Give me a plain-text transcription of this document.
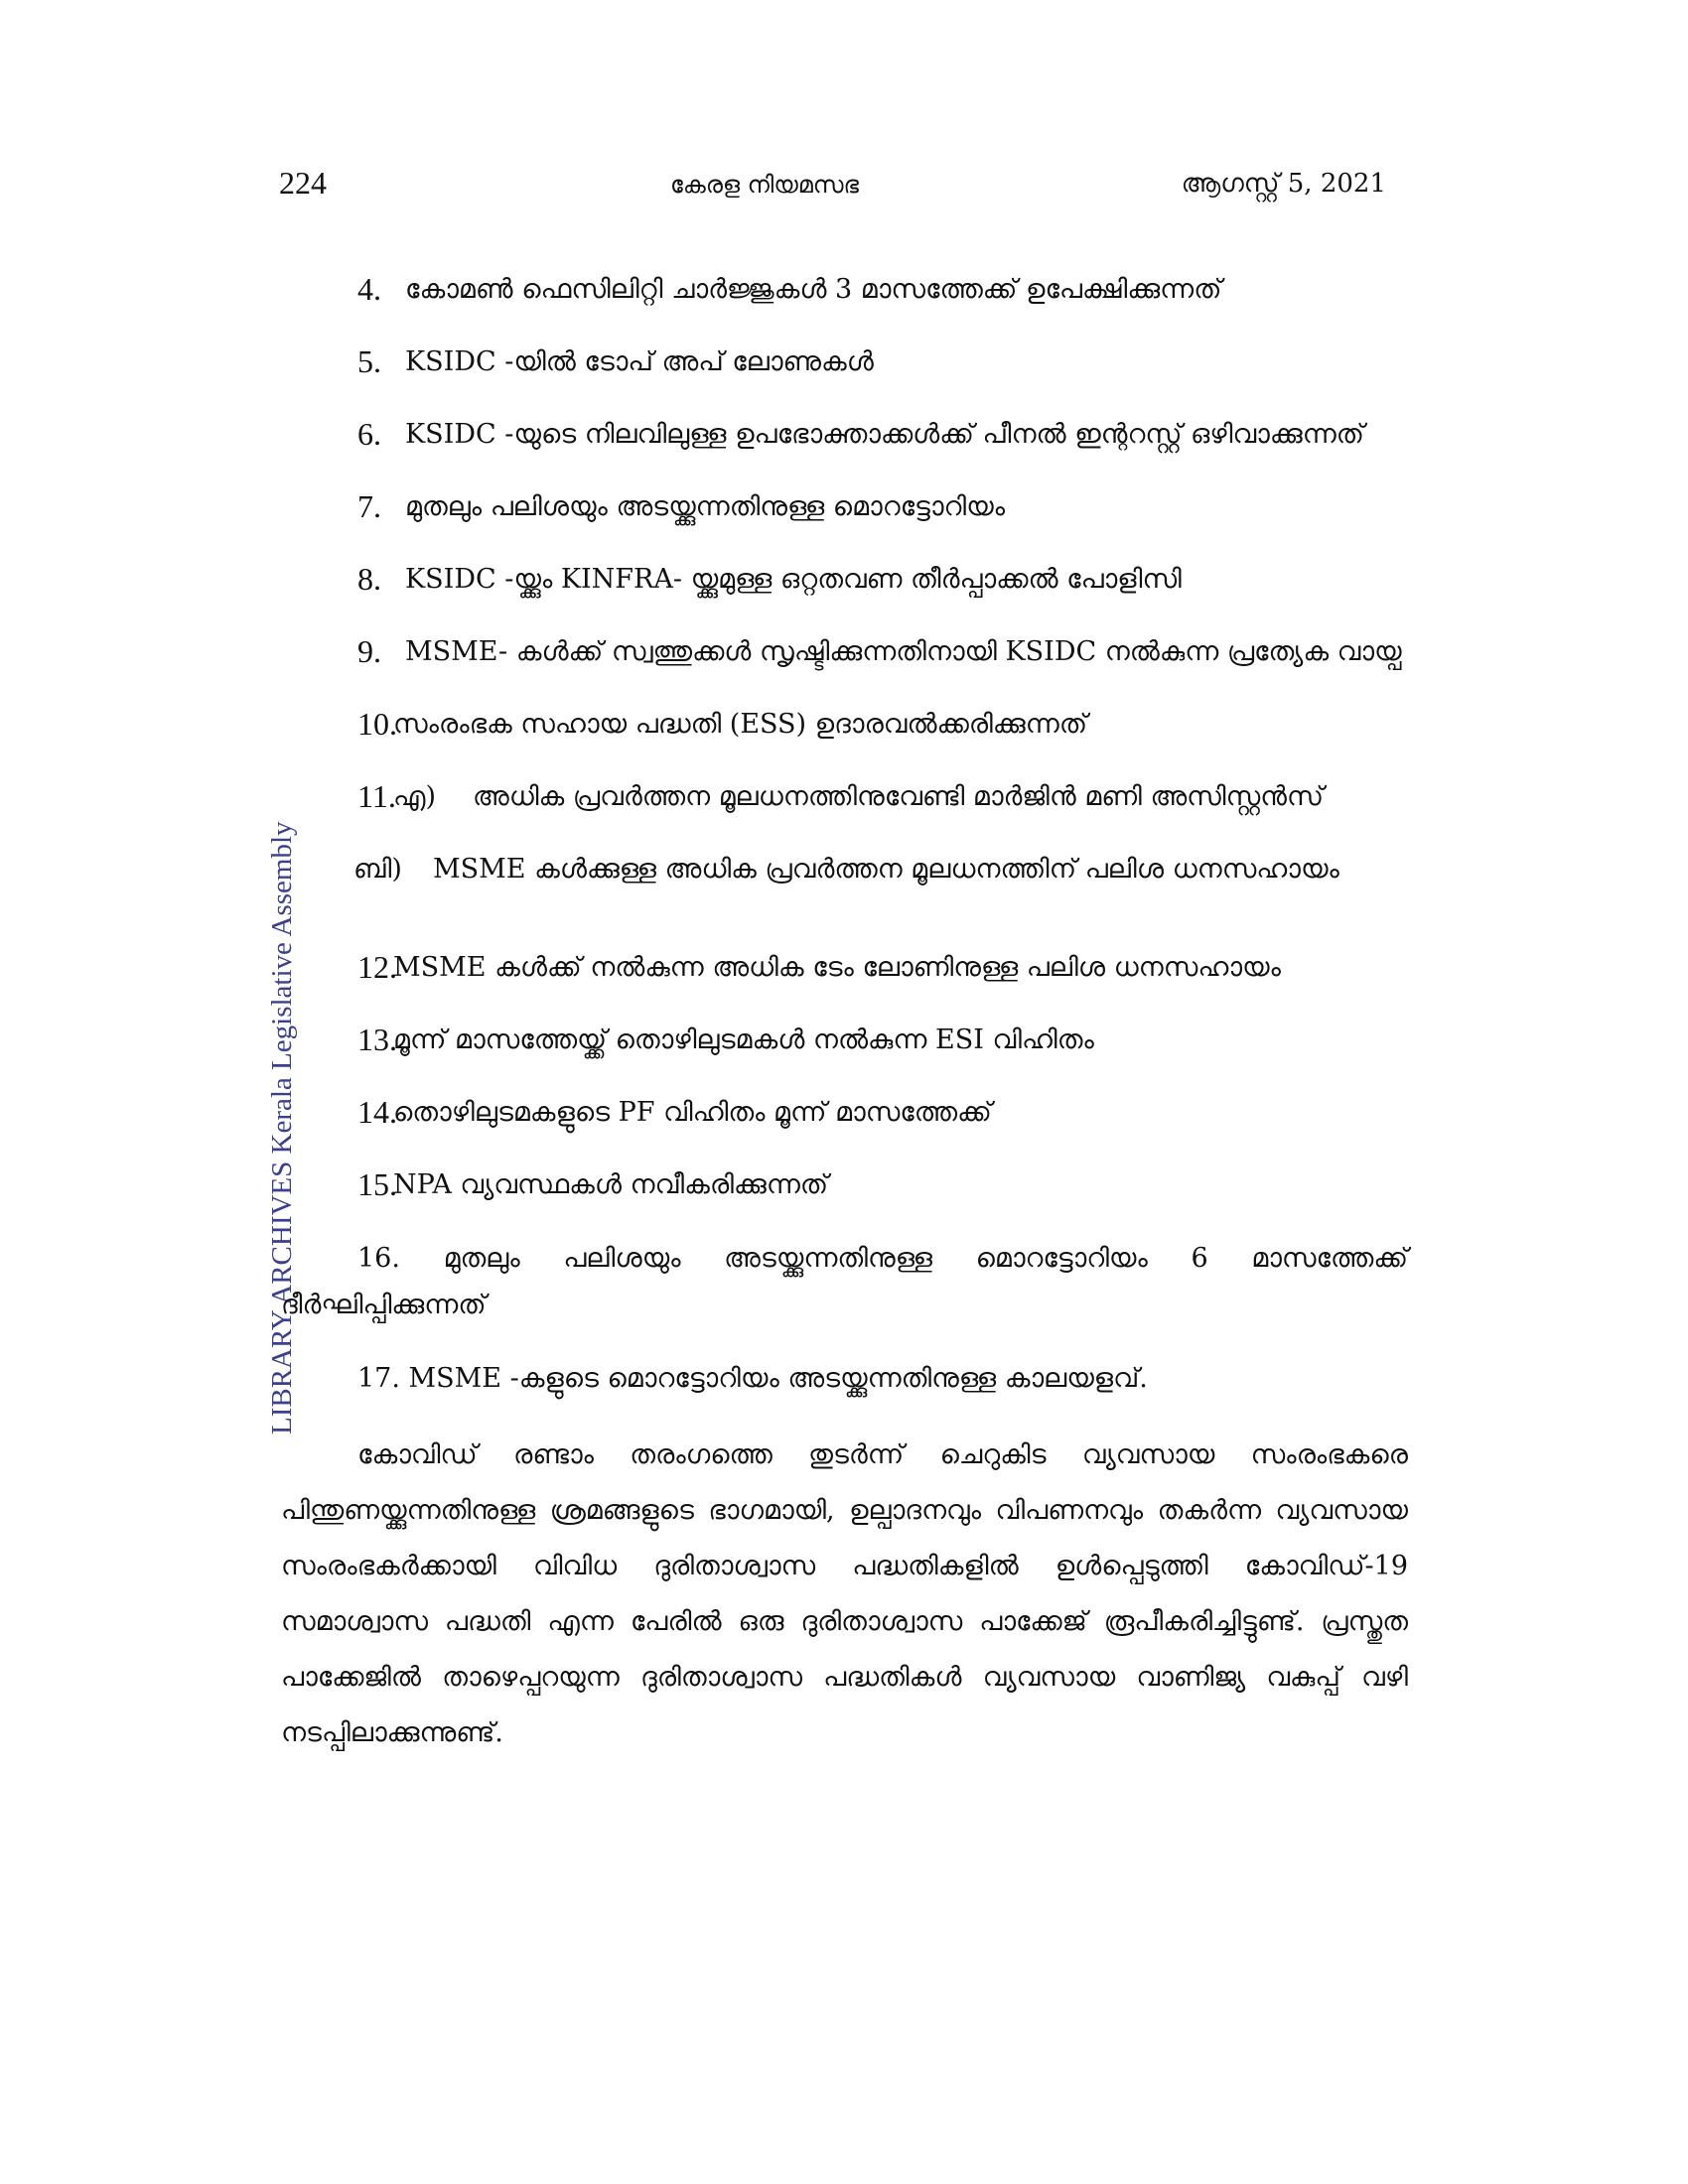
224	കേരള നിയമസഭ	ആഗസ്റ്റ് 5, 2021
LIBRARY ARCHIVES Kerala Legislative Assembly
4. കോമൺ ഫെസിലിറ്റി ചാർജ്ജുകൾ 3 മാസത്തേക്ക് ഉപേക്ഷിക്കുന്നത്
5. KSIDC -യിൽ ടോപ് അപ് ലോണുകൾ
6. KSIDC -യുടെ നിലവിലുള്ള ഉപഭോക്താക്കൾക്ക് പീനൽ ഇന്ററസ്റ്റ് ഒഴിവാക്കുന്നത്
7. മുതലും പലിശയും അടയ്ക്കുന്നതിനുള്ള മൊറട്ടോറിയം
8. KSIDC -യ്ക്കും KINFRA- യ്ക്കുമുള്ള ഒറ്റതവണ തീർപ്പാക്കൽ പോളിസി
9. MSME- കൾക്ക് സ്വത്തുക്കൾ സൃഷ്ടിക്കുന്നതിനായി KSIDC നൽകുന്ന പ്രത്യേക വായ്പ
10.
സംരംഭക സഹായ പദ്ധതി (ESS) ഉദാരവൽക്കരിക്കുന്നത്
11.
എ)	അധിക പ്രവർത്തന മൂലധനത്തിനുവേണ്ടി മാർജിൻ മണി അസിസ്റ്റൻസ്
ബി)	MSME കൾക്കുള്ള അധിക പ്രവർത്തന മൂലധനത്തിന് പലിശ ധനസഹായം
12.
MSME കൾക്ക് നൽകുന്ന അധിക ടേം ലോണിനുള്ള പലിശ ധനസഹായം
13.
മൂന്ന് മാസത്തേയ്ക്ക് തൊഴിലുടമകൾ നൽകുന്ന ESI വിഹിതം
14.
തൊഴിലുടമകളുടെ PF വിഹിതം മൂന്ന് മാസത്തേക്ക്
15.
NPA വ്യവസ്ഥകൾ നവീകരിക്കുന്നത്

16. മുതലും പലിശയും അടയ്ക്കുന്നതിനുള്ള മൊറട്ടോറിയം 6 മാസത്തേക്ക് ദീർഘിപ്പിക്കുന്നത്

17. MSME -കളുടെ മൊറട്ടോറിയം അടയ്ക്കുന്നതിനുള്ള കാലയളവ്.

കോവിഡ് രണ്ടാം തരംഗത്തെ തുടർന്ന് ചെറുകിട വ്യവസായ സംരംഭകരെ പിന്തുണയ്ക്കുന്നതിനുള്ള ശ്രമങ്ങളുടെ ഭാഗമായി, ഉല്പാദനവും വിപണനവും തകർന്ന വ്യവസായ സംരംഭകർക്കായി വിവിധ ദുരിതാശ്വാസ പദ്ധതികളിൽ ഉൾപ്പെടുത്തി കോവിഡ്-19 സമാശ്വാസ പദ്ധതി എന്ന പേരിൽ ഒരു ദുരിതാശ്വാസ പാക്കേജ് രൂപീകരിച്ചിട്ടുണ്ട്. പ്രസ്തുത പാക്കേജിൽ താഴെപ്പറയുന്ന ദുരിതാശ്വാസ പദ്ധതികൾ വ്യവസായ വാണിജ്യ വകുപ്പ് വഴി നടപ്പിലാക്കുന്നുണ്ട്.
